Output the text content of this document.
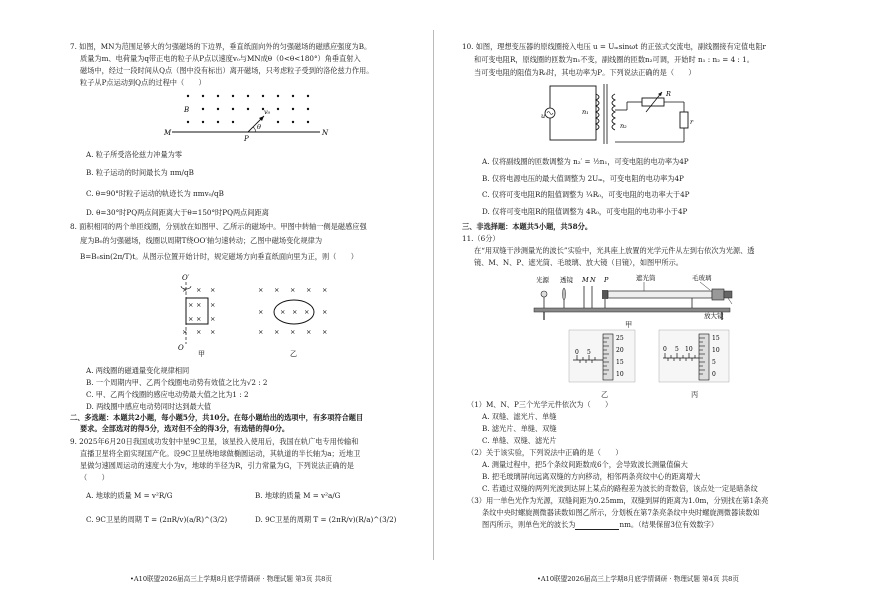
7. 如图，MN为范围足够大的匀强磁场的下边界，垂直纸面向外的匀强磁场的磁感应强度为B。
质量为m、电荷量为q带正电的粒子从P点以速度v₀与MN成θ（0<θ<180°）角垂直射入
磁场中，经过一段时间从Q点（图中没有标出）离开磁场，只考虑粒子受到的洛伦兹力作用。
粒子从P点运动到Q点的过程中（　　）
B	v₀
θ
M
P
N
A. 粒子所受洛伦兹力冲量为零
B. 粒子运动的时间最长为 πm/qB
C. θ=90°时粒子运动的轨迹长为 πmv₀/qB
D. θ=30°时PQ两点间距离大于θ=150°时PQ两点间距离
8. 面积相同的两个单匝线圈，分别放在如图甲、乙所示的磁场中。甲图中转轴一侧是磁感应强
度为B₀的匀强磁场，线圈以周期T绕OO′轴匀速转动；乙图中磁场变化规律为
B=B₀sin(2π/T)t。从图示位置开始计时，规定磁场方向垂直纸面向里为正，则（　　）
O′
× × ×
×
×
×
×
× × ×
×
×
O
甲
× × × × ×
×	×
× × × × ×
× × ×
乙
A. 两线圈的磁通量变化规律相同
B. 一个周期内甲、乙两个线圈电动势有效值之比为√2 : 2
C. 甲、乙两个线圈的感应电动势最大值之比为1 : 2
D. 两线圈中感应电动势同时达到最大值
二、多选题：本题共2小题，每小题5分，共10分。在每小题给出的选项中，有多项符合题目
要求。全部选对的得5分，选对但不全的得3分，有选错的得0分。
9. 2025年6月20日我国成功发射中星9C卫星，该星投入使用后，我国在轨广电专用传输和
直播卫星将全面实现国产化。设9C卫星绕地球做椭圆运动，其轨道的半长轴为a；近地卫
星做匀速圆周运动的速度大小为v，地球的半径为R，引力常量为G，下列说法正确的是
（　　）
A. 地球的质量 M = v²R/G	B. 地球的质量 M = v²a/G
C. 9C卫星的周期 T = (2πR/v)(a/R)^(3/2)	D. 9C卫星的周期 T = (2πR/v)(R/a)^(3/2)
•A10联盟2026届高三上学期8月底学情调研 · 物理试题 第3页 共8页
10. 如图，理想变压器的原线圈接入电压 u = Uₘsinωt 的正弦式交流电，副线圈接有定值电阻r
和可变电阻R，原线圈的匝数为n₁不变，副线圈的匝数n₂可调，开始时 n₁ : n₂ = 4 : 1。
当可变电阻的阻值为R₀时，其电功率为P。下列说法正确的是（　　）
u	n₁
n₂
R
r
A. 仅将副线圈的匝数调整为 n₂′ = ½n₁，可变电阻的电功率为4P
B. 仅将电源电压的最大值调整为 2Uₘ，可变电阻的电功率为4P
C. 仅将可变电阻R的阻值调整为 ¼R₀，可变电阻的电功率大于4P
D. 仅将可变电阻R的阻值调整为 4R₀，可变电阻的电功率小于4P
三、非选择题：本题共5小题，共58分。
11.（6分）
在“用双缝干涉测量光的波长”实验中，光具座上放置的光学元件从左到右依次为光源、透
镜、M、N、P、遮光筒、毛玻璃、放大镜（目镜），如图甲所示。
光源 透镜 M N P	遮光筒	毛玻璃
放大镜
甲
0 5
25
20
15
10
乙
0 5 10
15
10
5
0
丙
（1）M、N、P三个光学元件依次为（　　）
A. 双缝、滤光片、单缝
B. 滤光片、单缝、双缝
C. 单缝、双缝、滤光片
（2）关于该实验，下列说法中正确的是（　　）
A. 测量过程中，把5个条纹间距数成6个，会导致波长测量值偏大
B. 把毛玻璃屏向远离双缝的方向移动，相邻两条亮纹中心的距离增大
C. 若通过双缝的两列光波到达屏上某点的路程差为波长的奇数倍，该点处一定是暗条纹
（3）用一单色光作为光源，双缝间距为0.25mm，双缝到屏的距离为1.0m，分别找在第1条亮
条纹中央时螺旋测微器读数如图乙所示，分划板在第7条亮条纹中央时螺旋测微器读数如
图丙所示，则单色光的波长为	nm。（结果保留3位有效数字）
•A10联盟2026届高三上学期8月底学情调研 · 物理试题 第4页 共8页
